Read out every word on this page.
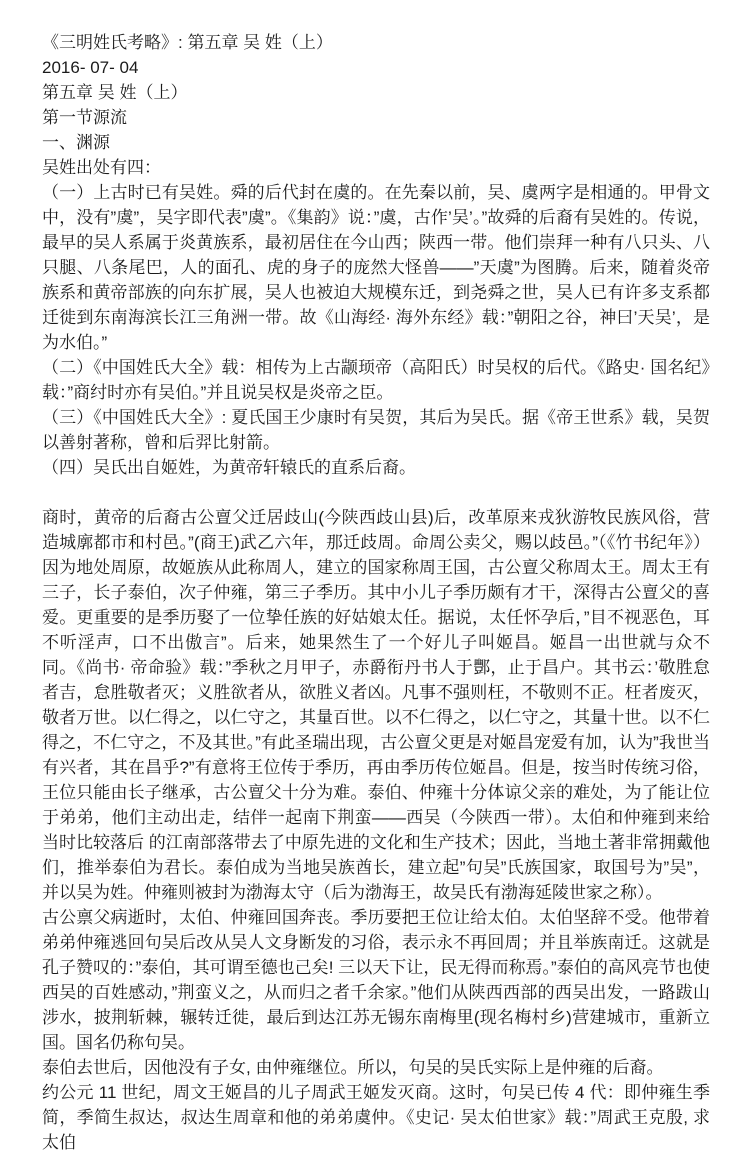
《三明姓氏考略》: 第五章 吴 姓（上）

2016- 07- 04

第五章 吴 姓（上）

第一节源流

一、渊源

吴姓出处有四：

（一）上古时已有吴姓。舜的后代封在虞的。在先秦以前，吴、虞两字是相通的。甲骨文中，没有”虞”，吴字即代表”虞”。《集韵》说：”虞，古作’吴’。”故舜的后裔有吴姓的。传说，最早的吴人系属于炎黄族系，最初居住在今山西；陕西一带。他们崇拜一种有八只头、八只腿、八条尾巴，人的面孔、虎的身子的庞然大怪兽——”天虞”为图腾。后来，随着炎帝族系和黄帝部族的向东扩展，吴人也被迫大规模东迁，到尧舜之世，吴人已有许多支系都迁徙到东南海滨长江三角洲一带。故《山海经· 海外东经》载：”朝阳之谷，神曰’天吴’，是为水伯。”

（二）《中国姓氏大全》载：相传为上古颛顼帝（高阳氏）时吴权的后代。《路史· 国名纪》载：”商纣时亦有吴伯。”并且说吴权是炎帝之臣。

（三）《中国姓氏大全》: 夏氏国王少康时有吴贺，其后为吴氏。据《帝王世系》载，吴贺以善射著称，曾和后羿比射箭。

（四）吴氏出自姬姓，为黄帝轩辕氏的直系后裔。

商时，黄帝的后裔古公亶父迁居歧山(今陕西歧山县)后，改革原来戎狄游牧民族风俗，营造城廓都市和村邑。”(商王)武乙六年，那迁歧周。命周公卖父，赐以歧邑。”（《竹书纪年》）因为地处周原，故姬族从此称周人，建立的国家称周王国，古公亶父称周太王。周太王有三子，长子泰伯，次子仲雍，第三子季历。其中小儿子季历颇有才干，深得古公亶父的喜爱。更重要的是季历娶了一位挚任族的好姑娘太任。据说，太任怀孕后，”目不视恶色，耳不听淫声，口不出傲言”。后来，她果然生了一个好儿子叫姬昌。姬昌一出世就与众不同。《尚书· 帝命验》载：”季秋之月甲子，赤爵衔丹书人于酆，止于昌户。其书云：’敬胜怠者吉，怠胜敬者灭；义胜欲者从，欲胜义者凶。凡事不强则枉，不敬则不正。枉者废灭，敬者万世。以仁得之，以仁守之，其量百世。以不仁得之，以仁守之，其量十世。以不仁得之，不仁守之，不及其世。”有此圣瑞出现，古公亶父更是对姬昌宠爱有加，认为”我世当有兴者，其在昌乎?”有意将王位传于季历，再由季历传位姬昌。但是，按当时传统习俗，王位只能由长子继承，古公亶父十分为难。泰伯、仲雍十分体谅父亲的难处，为了能让位于弟弟，他们主动出走，结伴一起南下荆蛮——西吴（今陕西一带）。太伯和仲雍到来给当时比较落后 的江南部落带去了中原先进的文化和生产技术；因此，当地土著非常拥戴他们，推举泰伯为君长。泰伯成为当地吴族酋长，建立起”句吴”氏族国家，取国号为”吴”，并以吴为姓。仲雍则被封为渤海太守（后为渤海王，故吴氏有渤海延陵世家之称）。

古公禀父病逝时，太伯、仲雍回国奔丧。季历要把王位让给太伯。太伯坚辞不受。他带着弟弟仲雍逃回句吴后改从吴人文身断发的习俗，表示永不再回周；并且举族南迁。这就是孔子赞叹的：”泰伯，其可谓至德也己矣! 三以天下让，民无得而称焉。”泰伯的高风亮节也使西吴的百姓感动，”荆蛮义之，从而归之者千余家。”他们从陕西西部的西吴出发，一路跋山涉水，披荆斩棘，辗转迁徙，最后到达江苏无锡东南梅里(现名梅村乡)营建城市，重新立国。国名仍称句吴。

泰伯去世后，因他没有子女, 由仲雍继位。所以，句吴的吴氏实际上是仲雍的后裔。

约公元 11 世纪，周文王姬昌的儿子周武王姬发灭商。这时，句吴已传 4 代：即仲雍生季简，季简生叔达，叔达生周章和他的弟弟虞仲。《史记· 吴太伯世家》载：”周武王克殷, 求太伯
